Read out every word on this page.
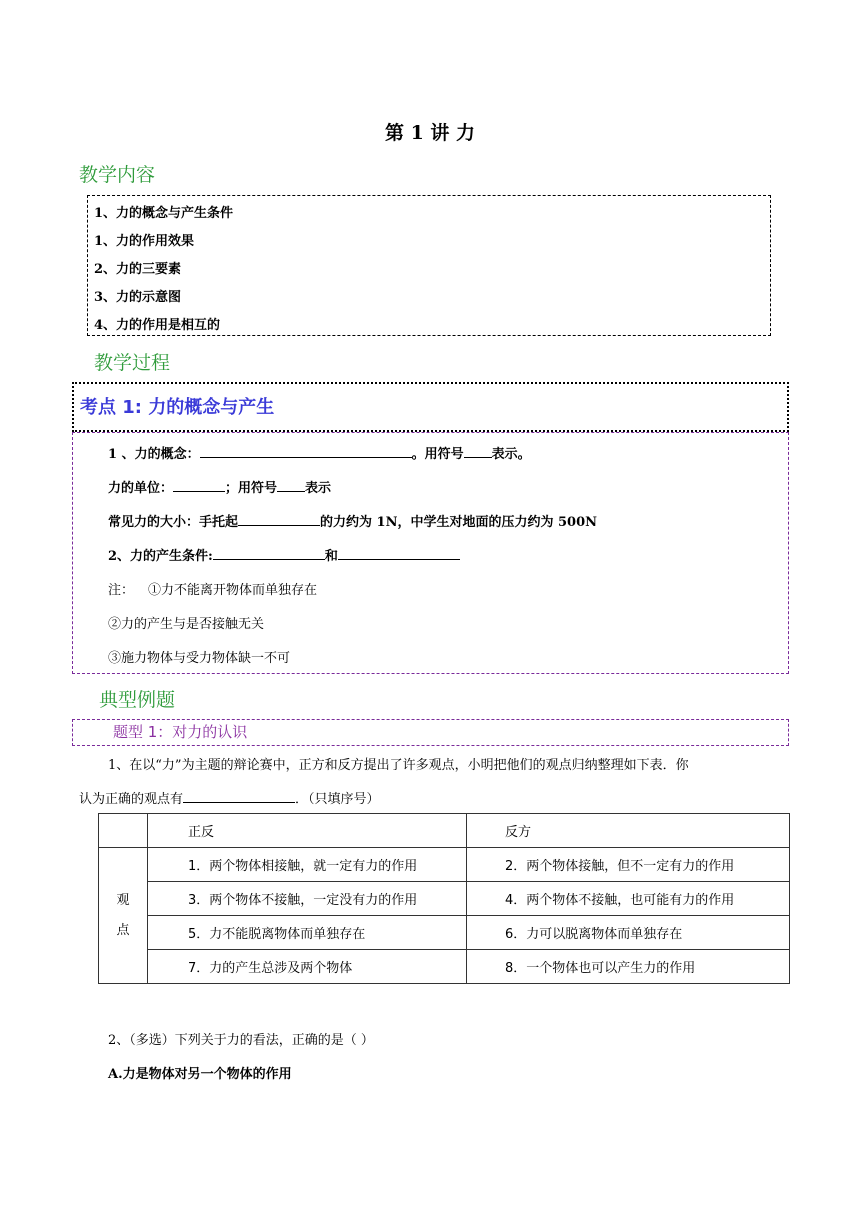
第 1 讲 力
教学内容
1、力的概念与产生条件
1、力的作用效果
2、力的三要素
3、力的示意图
4、力的作用是相互的
教学过程
考点 1: 力的概念与产生
1 、力的概念：	。用符号 表示。
力的单位：	；用符号 表示
常见力的大小：手托起	的力约为 1N，中学生对地面的压力约为 500N
2、力的产生条件:	和
注： ①力不能离开物体而单独存在
②力的产生与是否接触无关
③施力物体与受力物体缺一不可
典型例题
题型 1：对力的认识
1、在以“力”为主题的辩论赛中，正方和反方提出了许多观点，小明把他们的观点归纳整理如下表．你
认为正确的观点有	．（只填序号）
	正反	反方

观
点	1．两个物体相接触，就一定有力的作用	2．两个物体接触，但不一定有力的作用
	3．两个物体不接触，一定没有力的作用	4．两个物体不接触，也可能有力的作用
	5．力不能脱离物体而单独存在	6．力可以脱离物体而单独存在
	7．力的产生总涉及两个物体	8．一个物体也可以产生力的作用
2、（多选）下列关于力的看法，正确的是（ ）
A.力是物体对另一个物体的作用
